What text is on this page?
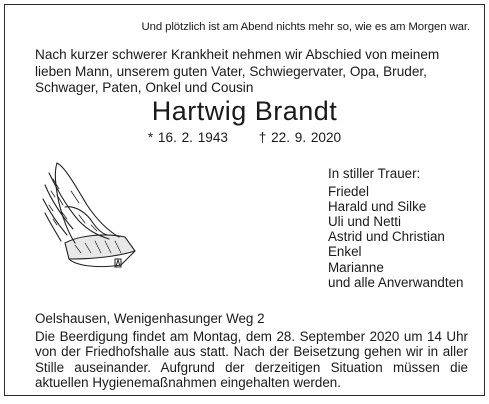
Und plötzlich ist am Abend nichts mehr so, wie es am Morgen war.
Nach kurzer schwerer Krankheit nehmen wir Abschied von meinem lieben Mann, unserem guten Vater, Schwiegervater, Opa, Bruder, Schwager, Paten, Onkel und Cousin
Hartwig Brandt
* 16. 2. 1943 † 22. 9. 2020
In stiller Trauer:
Friedel
Harald und Silke
Uli und Netti
Astrid und Christian
Enkel
Marianne
und alle Anverwandten
Oelshausen, Wenigenhasunger Weg 2
Die Beerdigung findet am Montag, dem 28. September 2020 um 14 Uhr von der Friedhofshalle aus statt. Nach der Beisetzung gehen wir in aller Stille auseinander. Aufgrund der derzeitigen Situation müssen die aktuellen Hygienemaßnahmen eingehalten werden.
